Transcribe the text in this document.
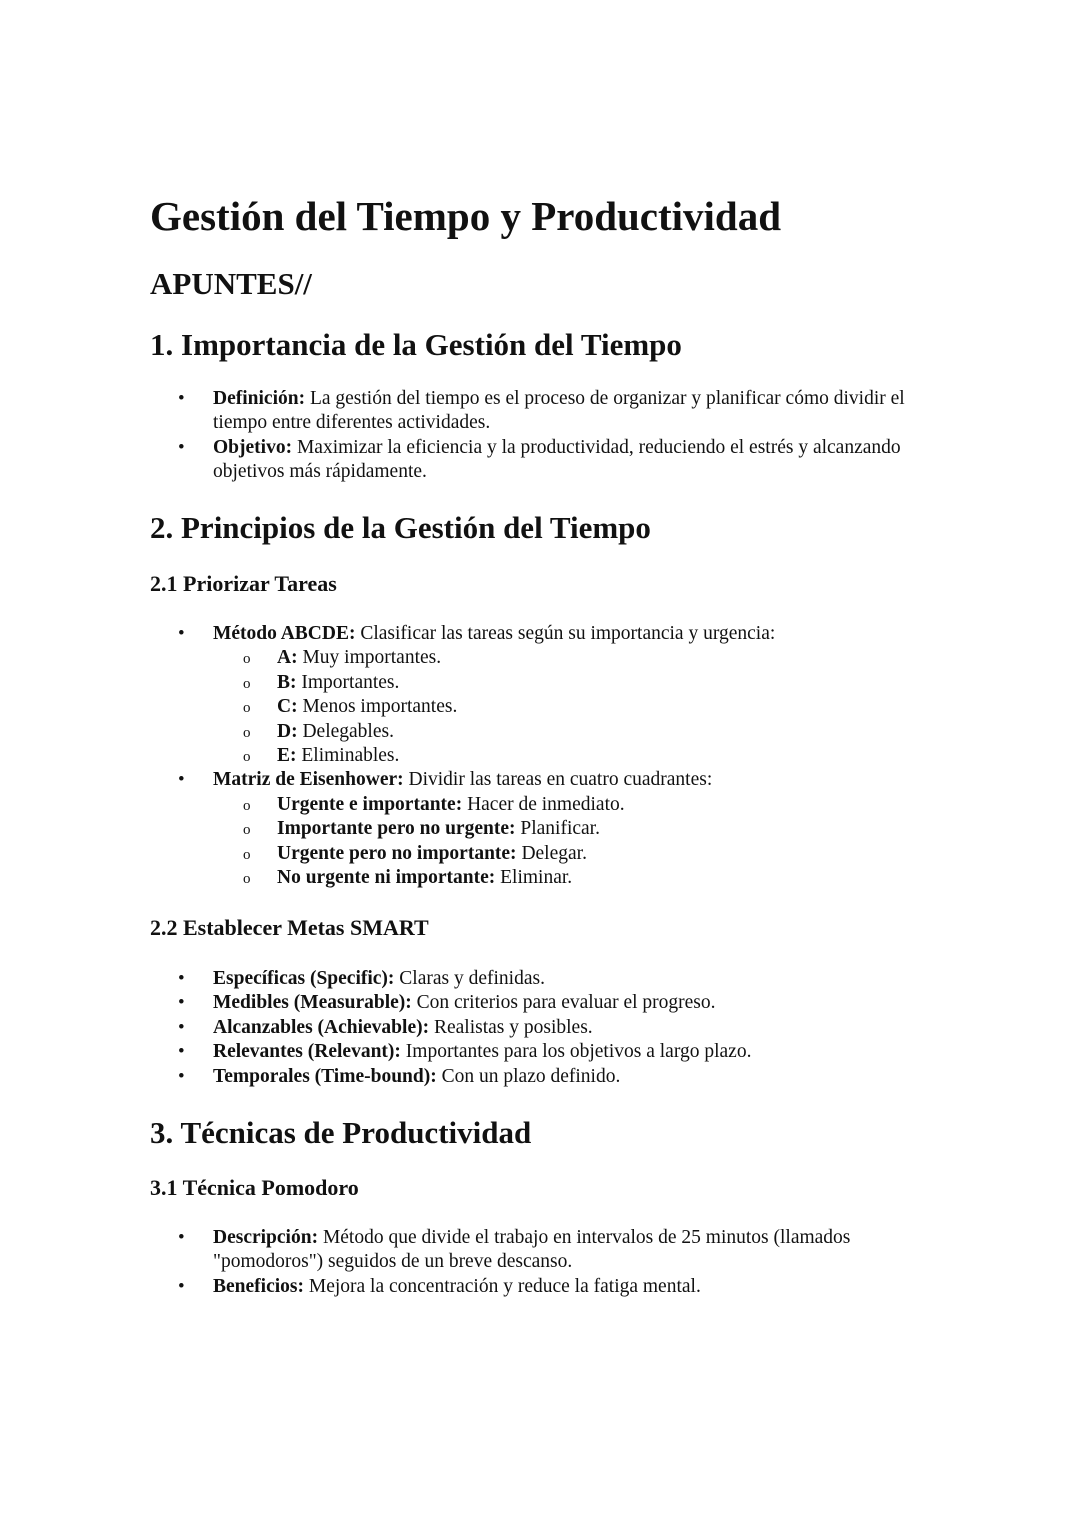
Gestión del Tiempo y Productividad
APUNTES//
1. Importancia de la Gestión del Tiempo
• Definición: La gestión del tiempo es el proceso de organizar y planificar cómo dividir el tiempo entre diferentes actividades.
• Objetivo: Maximizar la eficiencia y la productividad, reduciendo el estrés y alcanzando objetivos más rápidamente.
2. Principios de la Gestión del Tiempo
2.1 Priorizar Tareas
• Método ABCDE: Clasificar las tareas según su importancia y urgencia:
o A: Muy importantes.
o B: Importantes.
o C: Menos importantes.
o D: Delegables.
o E: Eliminables.
• Matriz de Eisenhower: Dividir las tareas en cuatro cuadrantes:
o Urgente e importante: Hacer de inmediato.
o Importante pero no urgente: Planificar.
o Urgente pero no importante: Delegar.
o No urgente ni importante: Eliminar.
2.2 Establecer Metas SMART
• Específicas (Specific): Claras y definidas.
• Medibles (Measurable): Con criterios para evaluar el progreso.
• Alcanzables (Achievable): Realistas y posibles.
• Relevantes (Relevant): Importantes para los objetivos a largo plazo.
• Temporales (Time-bound): Con un plazo definido.
3. Técnicas de Productividad
3.1 Técnica Pomodoro
• Descripción: Método que divide el trabajo en intervalos de 25 minutos (llamados "pomodoros") seguidos de un breve descanso.
• Beneficios: Mejora la concentración y reduce la fatiga mental.
